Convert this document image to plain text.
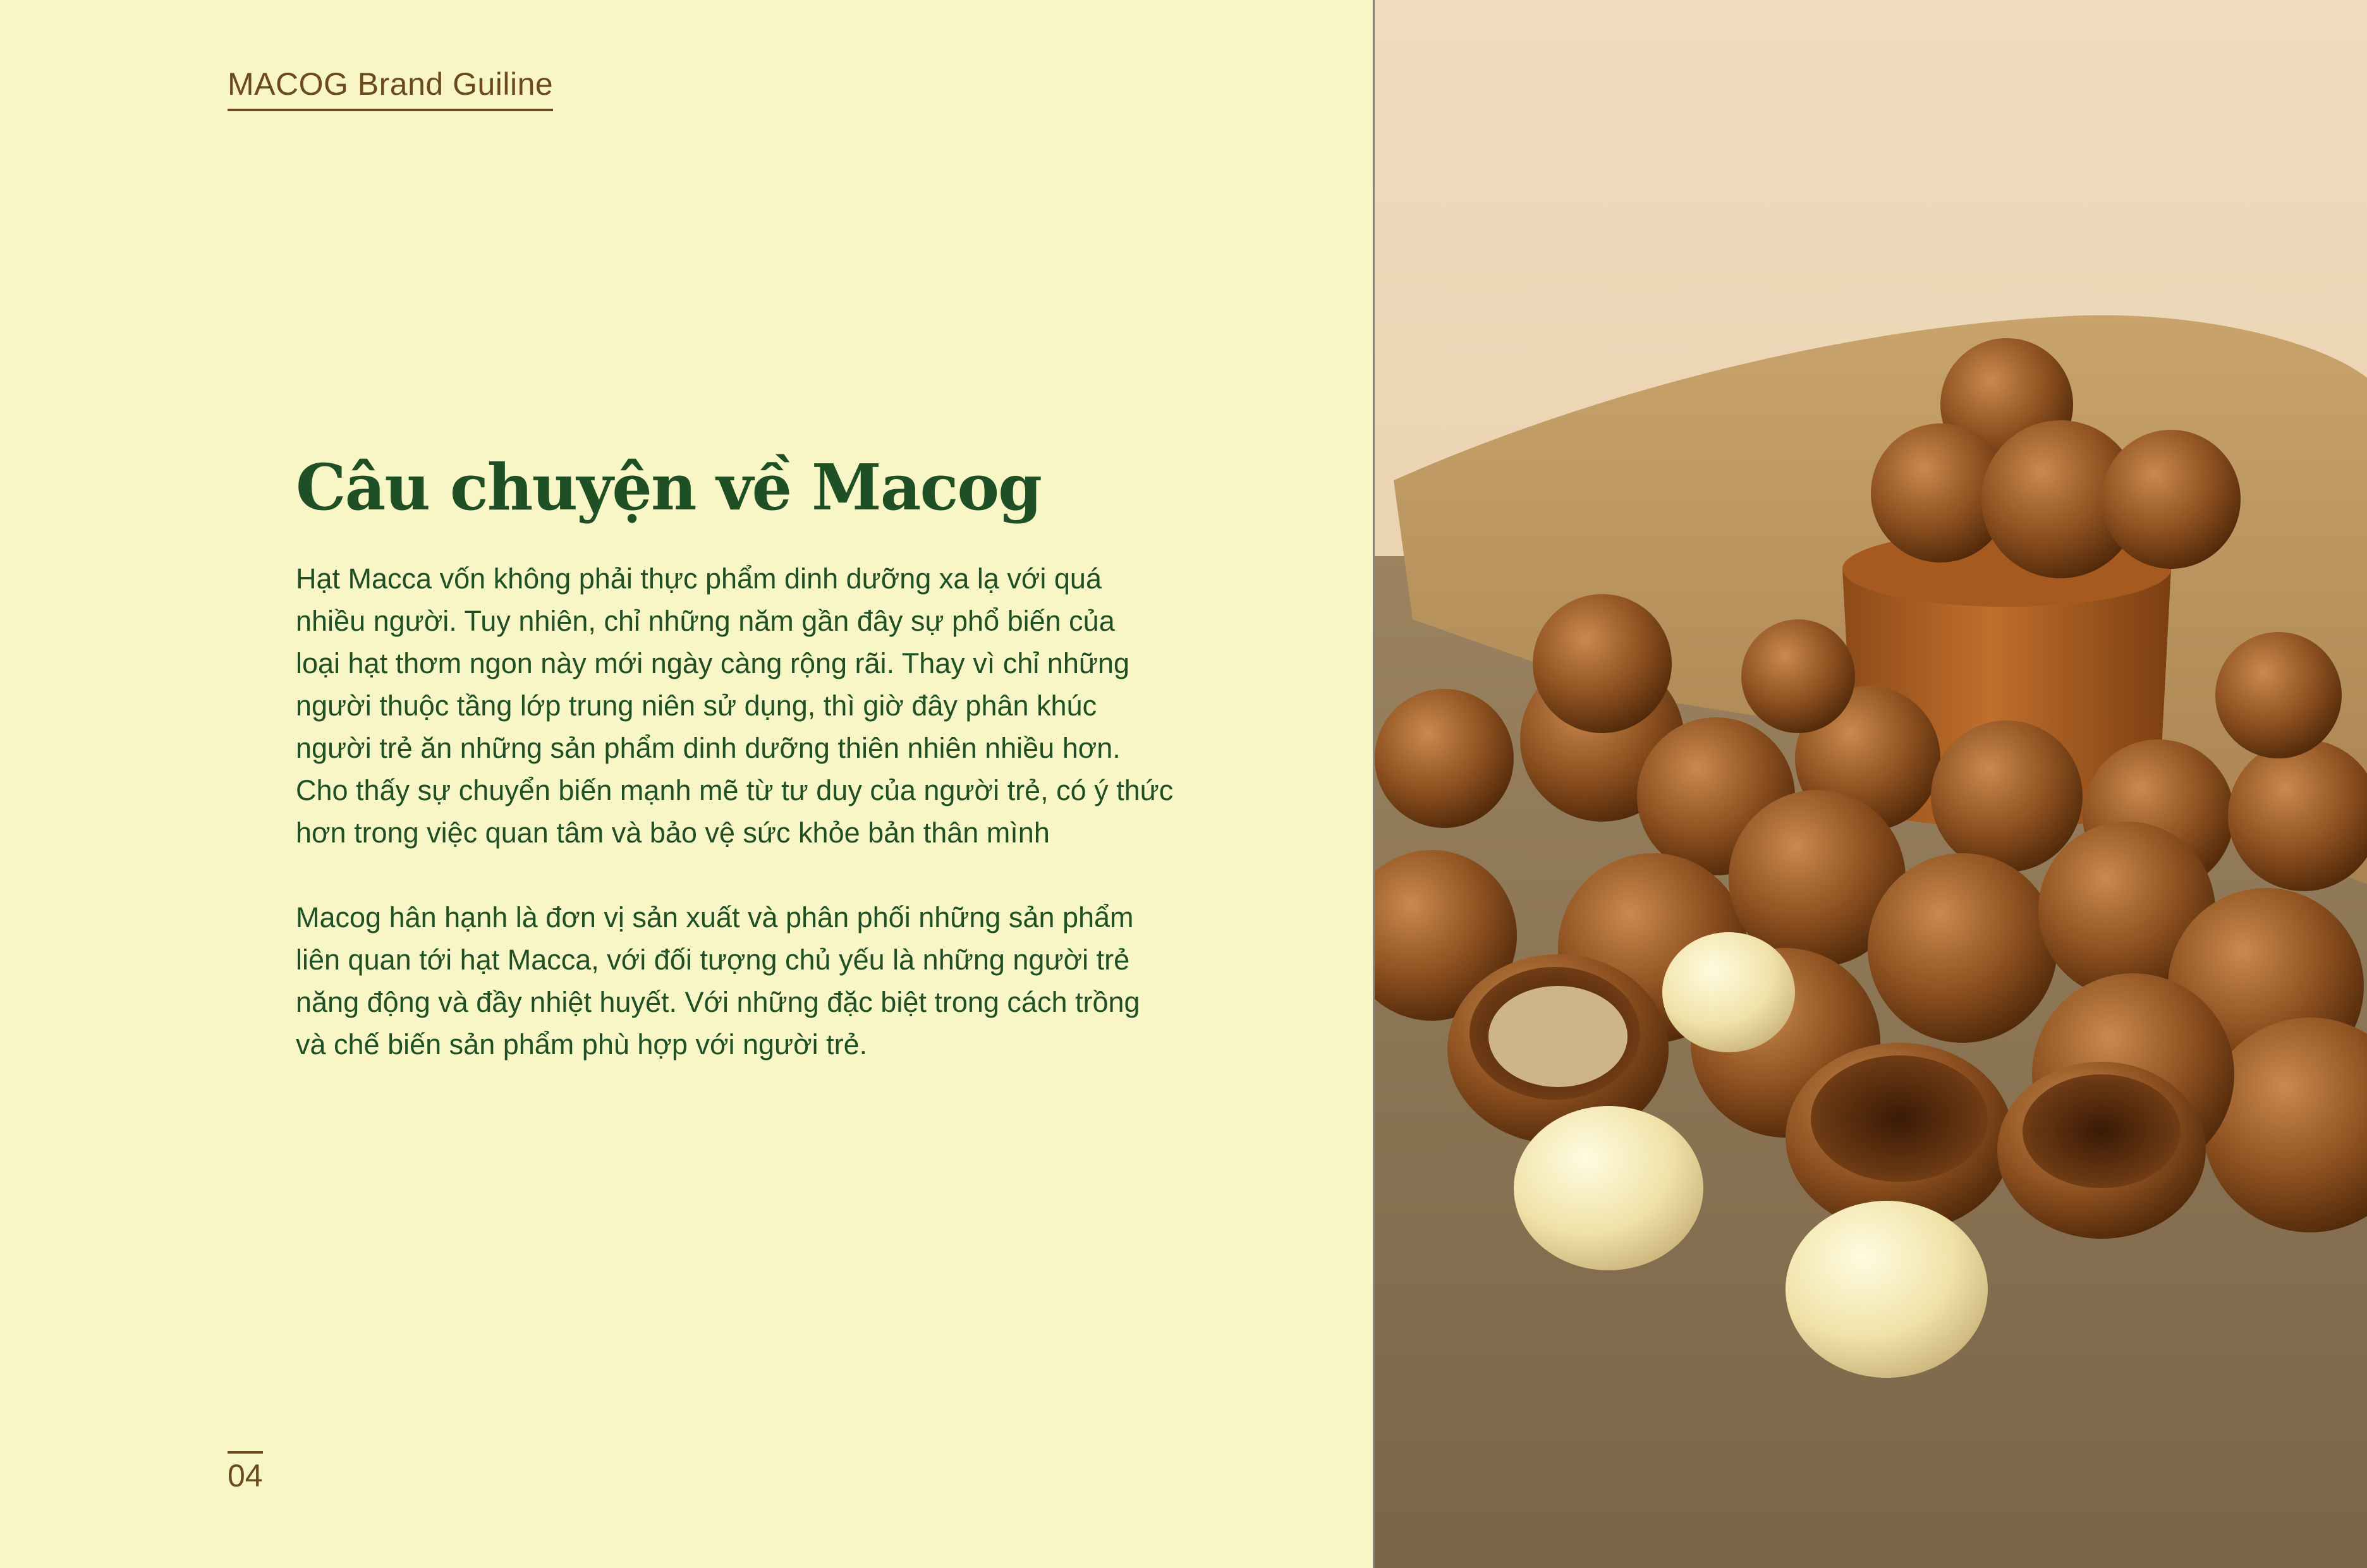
MACOG Brand Guiline
Câu chuyện về Macog

Hạt Macca vốn không phải thực phẩm dinh dưỡng xa lạ với quá
nhiều người. Tuy nhiên, chỉ những năm gần đây sự phổ biến của
loại hạt thơm ngon này mới ngày càng rộng rãi. Thay vì chỉ những
người thuộc tầng lớp trung niên sử dụng, thì giờ đây phân khúc
người trẻ ăn những sản phẩm dinh dưỡng thiên nhiên nhiều hơn.
Cho thấy sự chuyển biến mạnh mẽ từ tư duy của người trẻ, có ý thức
hơn trong việc quan tâm và bảo vệ sức khỏe bản thân mình

Macog hân hạnh là đơn vị sản xuất và phân phối những sản phẩm
liên quan tới hạt Macca, với đối tượng chủ yếu là những người trẻ
năng động và đầy nhiệt huyết. Với những đặc biệt trong cách trồng
và chế biến sản phẩm phù hợp với người trẻ.

04
